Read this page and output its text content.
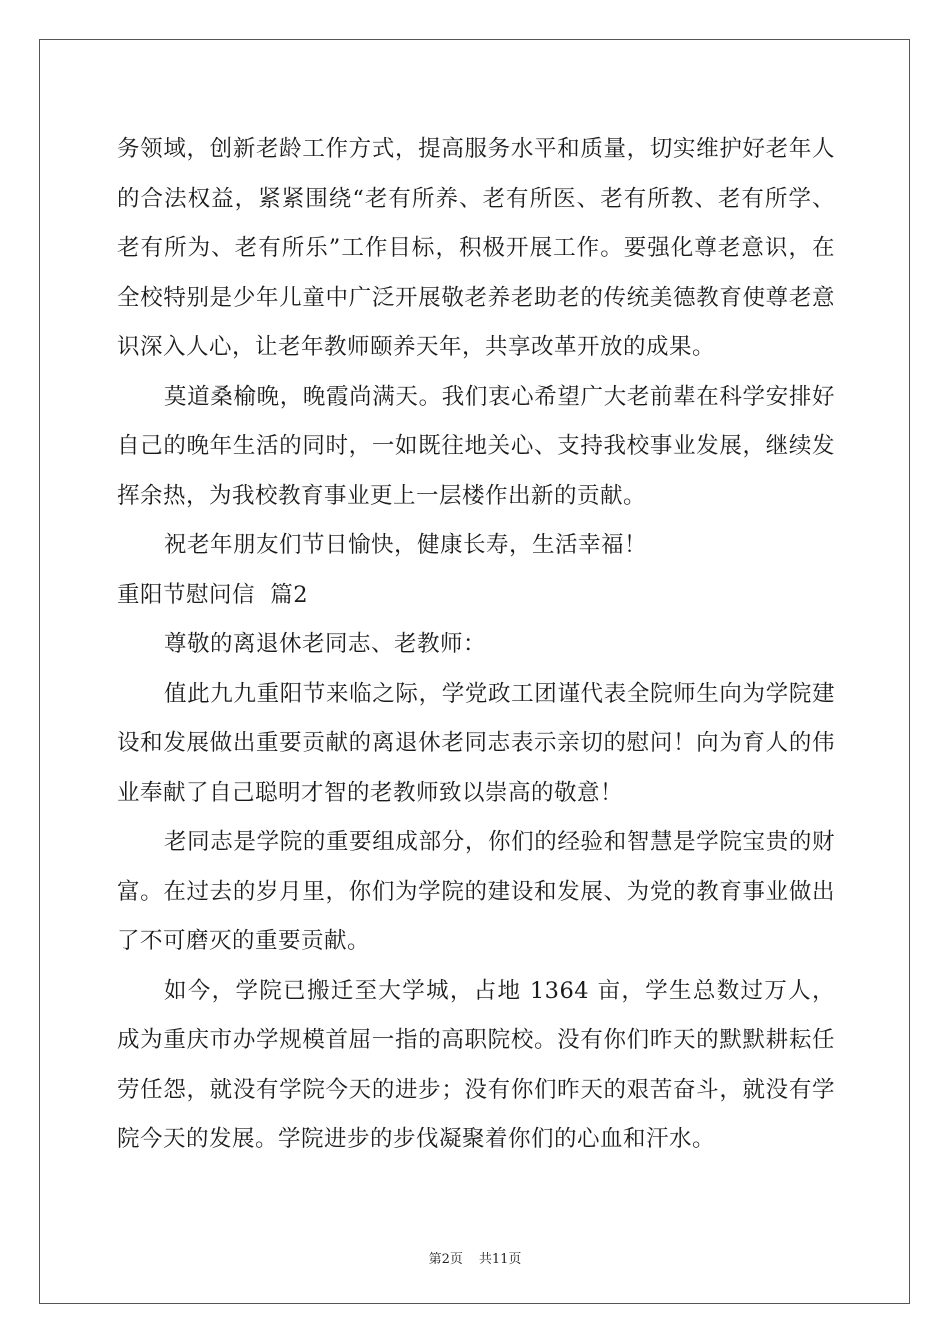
务领域，创新老龄工作方式，提高服务水平和质量，切实维护好老年人的合法权益，紧紧围绕“老有所养、老有所医、老有所教、老有所学、老有所为、老有所乐”工作目标，积极开展工作。要强化尊老意识，在全校特别是少年儿童中广泛开展敬老养老助老的传统美德教育使尊老意识深入人心，让老年教师颐养天年，共享改革开放的成果。

莫道桑榆晚，晚霞尚满天。我们衷心希望广大老前辈在科学安排好自己的晚年生活的同时，一如既往地关心、支持我校事业发展，继续发挥余热，为我校教育事业更上一层楼作出新的贡献。

祝老年朋友们节日愉快，健康长寿，生活幸福！

重阳节慰问信  篇2

尊敬的离退休老同志、老教师：

值此九九重阳节来临之际，学党政工团谨代表全院师生向为学院建设和发展做出重要贡献的离退休老同志表示亲切的慰问！向为育人的伟业奉献了自己聪明才智的老教师致以崇高的敬意！

老同志是学院的重要组成部分，你们的经验和智慧是学院宝贵的财富。在过去的岁月里，你们为学院的建设和发展、为党的教育事业做出了不可磨灭的重要贡献。

如今，学院已搬迁至大学城，占地 1364 亩，学生总数过万人，成为重庆市办学规模首屈一指的高职院校。没有你们昨天的默默耕耘任劳任怨，就没有学院今天的进步；没有你们昨天的艰苦奋斗，就没有学院今天的发展。学院进步的步伐凝聚着你们的心血和汗水。

第2页 共11页
